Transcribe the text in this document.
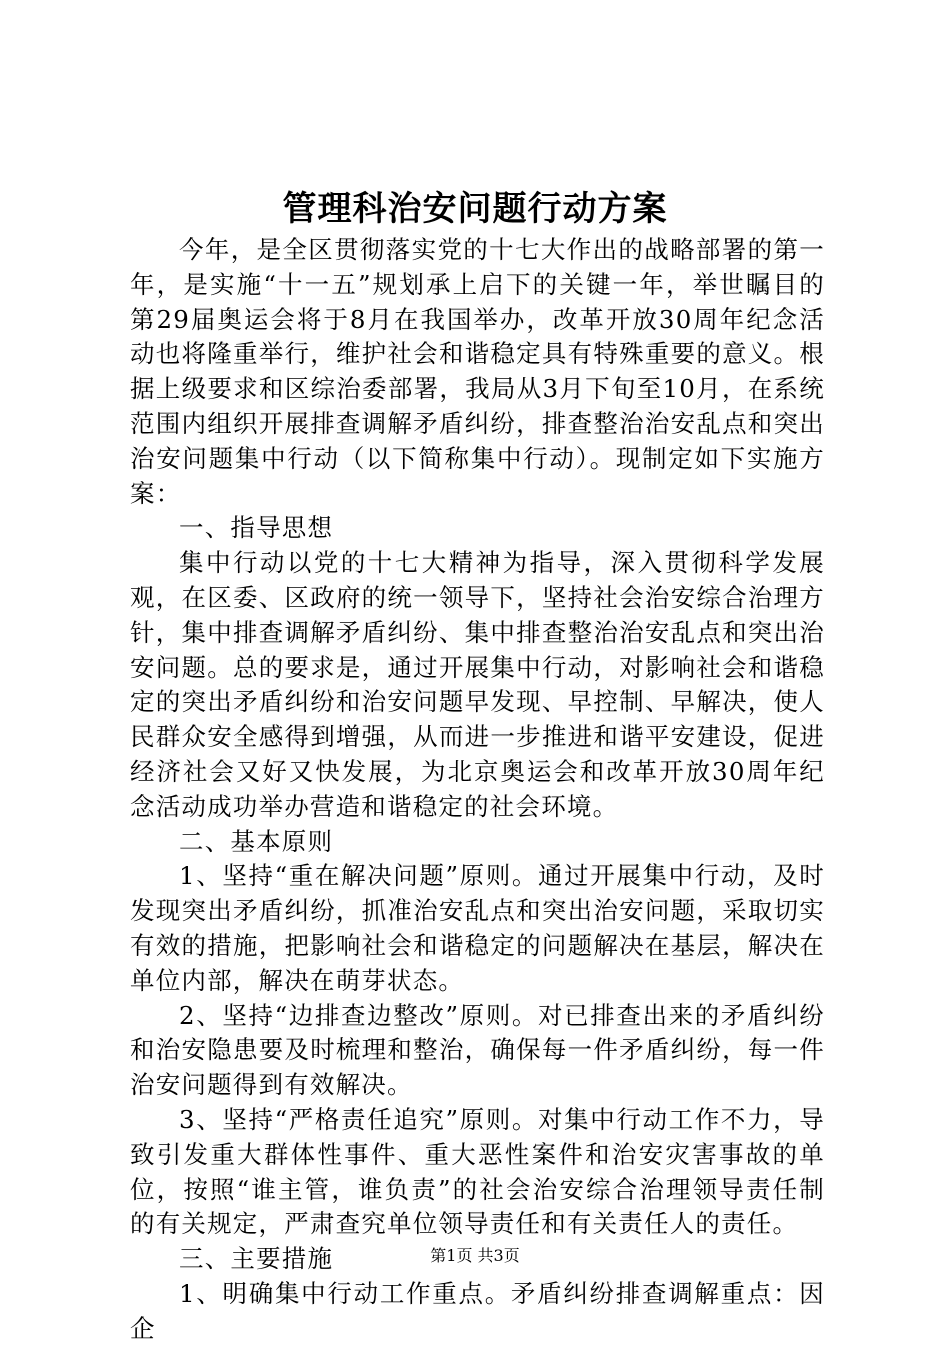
管理科治安问题行动方案

今年，是全区贯彻落实党的十七大作出的战略部署的第一年，是实施“十一五”规划承上启下的关键一年，举世瞩目的第29届奥运会将于8月在我国举办，改革开放30周年纪念活动也将隆重举行，维护社会和谐稳定具有特殊重要的意义。根据上级要求和区综治委部署，我局从3月下旬至10月，在系统范围内组织开展排查调解矛盾纠纷，排查整治治安乱点和突出治安问题集中行动（以下简称集中行动）。现制定如下实施方案：

一、指导思想

集中行动以党的十七大精神为指导，深入贯彻科学发展观，在区委、区政府的统一领导下，坚持社会治安综合治理方针，集中排查调解矛盾纠纷、集中排查整治治安乱点和突出治安问题。总的要求是，通过开展集中行动，对影响社会和谐稳定的突出矛盾纠纷和治安问题早发现、早控制、早解决，使人民群众安全感得到增强，从而进一步推进和谐平安建设，促进经济社会又好又快发展，为北京奥运会和改革开放30周年纪念活动成功举办营造和谐稳定的社会环境。

二、基本原则

1、坚持“重在解决问题”原则。通过开展集中行动，及时发现突出矛盾纠纷，抓准治安乱点和突出治安问题，采取切实有效的措施，把影响社会和谐稳定的问题解决在基层，解决在单位内部，解决在萌芽状态。

2、坚持“边排查边整改”原则。对已排查出来的矛盾纠纷和治安隐患要及时梳理和整治，确保每一件矛盾纠纷，每一件治安问题得到有效解决。

3、坚持“严格责任追究”原则。对集中行动工作不力，导致引发重大群体性事件、重大恶性案件和治安灾害事故的单位，按照“谁主管，谁负责”的社会治安综合治理领导责任制的有关规定，严肃查究单位领导责任和有关责任人的责任。

三、主要措施

1、明确集中行动工作重点。矛盾纠纷排查调解重点：因企

第1页 共3页
